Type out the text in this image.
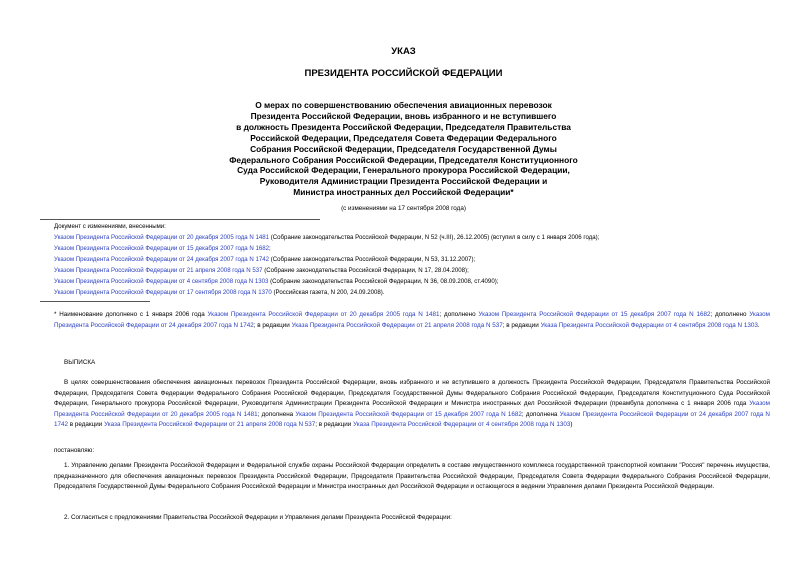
УКАЗ
ПРЕЗИДЕНТА РОССИЙСКОЙ ФЕДЕРАЦИИ
О мерах по совершенствованию обеспечения авиационных перевозок
Президента Российской Федерации, вновь избранного и не вступившего
в должность Президента Российской Федерации, Председателя Правительства
Российской Федерации, Председателя Совета Федерации Федерального
Собрания Российской Федерации, Председателя Государственной Думы
Федерального Собрания Российской Федерации, Председателя Конституционного
Суда Российской Федерации, Генерального прокурора Российской Федерации,
Руководителя Администрации Президента Российской Федерации и
Министра иностранных дел Российской Федерации*
(с изменениями на 17 сентября 2008 года)
Документ с изменениями, внесенными:
Указом Президента Российской Федерации от 20 декабря 2005 года N 1481 (Собрание законодательства Российской Федерации, N 52 (ч.III), 26.12.2005) (вступил в силу с 1 января 2006 года);
Указом Президента Российской Федерации от 15 декабря 2007 года N 1682;
Указом Президента Российской Федерации от 24 декабря 2007 года N 1742 (Собрание законодательства Российской Федерации, N 53, 31.12.2007);
Указом Президента Российской Федерации от 21 апреля 2008 года N 537 (Собрание законодательства Российской Федерации, N 17, 28.04.2008);
Указом Президента Российской Федерации от 4 сентября 2008 года N 1303 (Собрание законодательства Российской Федерации, N 36, 08.09.2008, ст.4090);
Указом Президента Российской Федерации от 17 сентября 2008 года N 1370 (Российская газета, N 200, 24.09.2008).
* Наименование дополнено с 1 января 2006 года Указом Президента Российской Федерации от 20 декабря 2005 года N 1481; дополнено Указом Президента Российской Федерации от 15 декабря 2007 года N 1682; дополнено Указом Президента Российской Федерации от 24 декабря 2007 года N 1742; в редакции Указа Президента Российской Федерации от 21 апреля 2008 года N 537; в редакции Указа Президента Российской Федерации от 4 сентября 2008 года N 1303.
ВЫПИСКА
В целях совершенствования обеспечения авиационных перевозок Президента Российской Федерации, вновь избранного и не вступившего в должность Президента Российской Федерации, Председателя Правительства Российской Федерации, Председателя Совета Федерации Федерального Собрания Российской Федерации, Председателя Государственной Думы Федерального Собрания Российской Федерации, Председателя Конституционного Суда Российской Федерации, Генерального прокурора Российской Федерации, Руководителя Администрации Президента Российской Федерации и Министра иностранных дел Российской Федерации (преамбула дополнена с 1 января 2006 года Указом Президента Российской Федерации от 20 декабря 2005 года N 1481; дополнена Указом Президента Российской Федерации от 15 декабря 2007 года N 1682; дополнена Указом Президента Российской Федерации от 24 декабря 2007 года N 1742 в редакции Указа Президента Российской Федерации от 21 апреля 2008 года N 537; в редакции Указа Президента Российской Федерации от 4 сентября 2008 года N 1303)
постановляю:
1. Управлению делами Президента Российской Федерации и Федеральной службе охраны Российской Федерации определить в составе имущественного комплекса государственной транспортной компании "Россия" перечень имущества, предназначенного для обеспечения авиационных перевозок Президента Российской Федерации, Председателя Правительства Российской Федерации, Председателя Совета Федерации Федерального Собрания Российской Федерации, Председателя Государственной Думы Федерального Собрания Российской Федерации и Министра иностранных дел Российской Федерации и остающегося в ведении Управления делами Президента Российской Федерации.
2. Согласиться с предложениями Правительства Российской Федерации и Управления делами Президента Российской Федерации:
